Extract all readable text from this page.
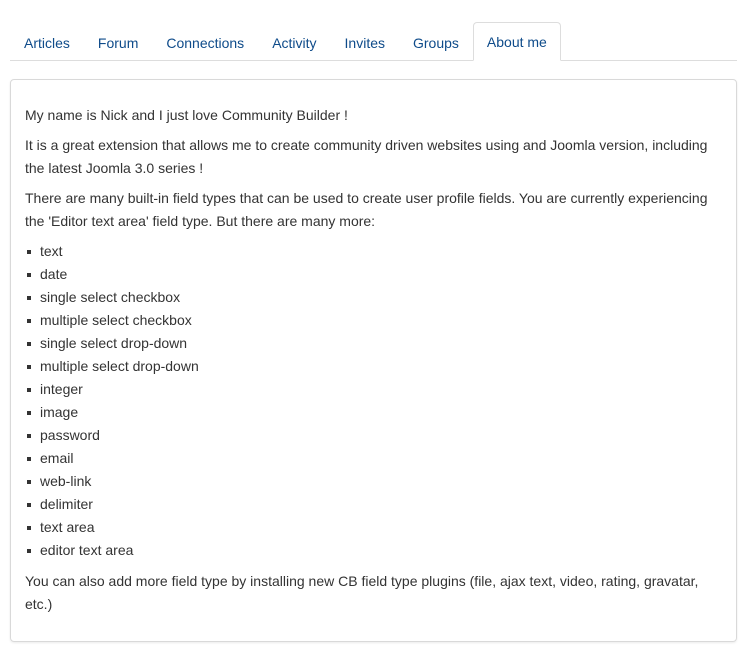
Articles	Forum	Connections	Activity	Invites	Groups	About me

My name is Nick and I just love Community Builder !

It is a great extension that allows me to create community driven websites using and Joomla version, including the latest Joomla 3.0 series !

There are many built-in field types that can be used to create user profile fields. You are currently experiencing the 'Editor text area' field type. But there are many more:

text
date
single select checkbox
multiple select checkbox
single select drop-down
multiple select drop-down
integer
image
password
email
web-link
delimiter
text area
editor text area

You can also add more field type by installing new CB field type plugins (file, ajax text, video, rating, gravatar, etc.)
